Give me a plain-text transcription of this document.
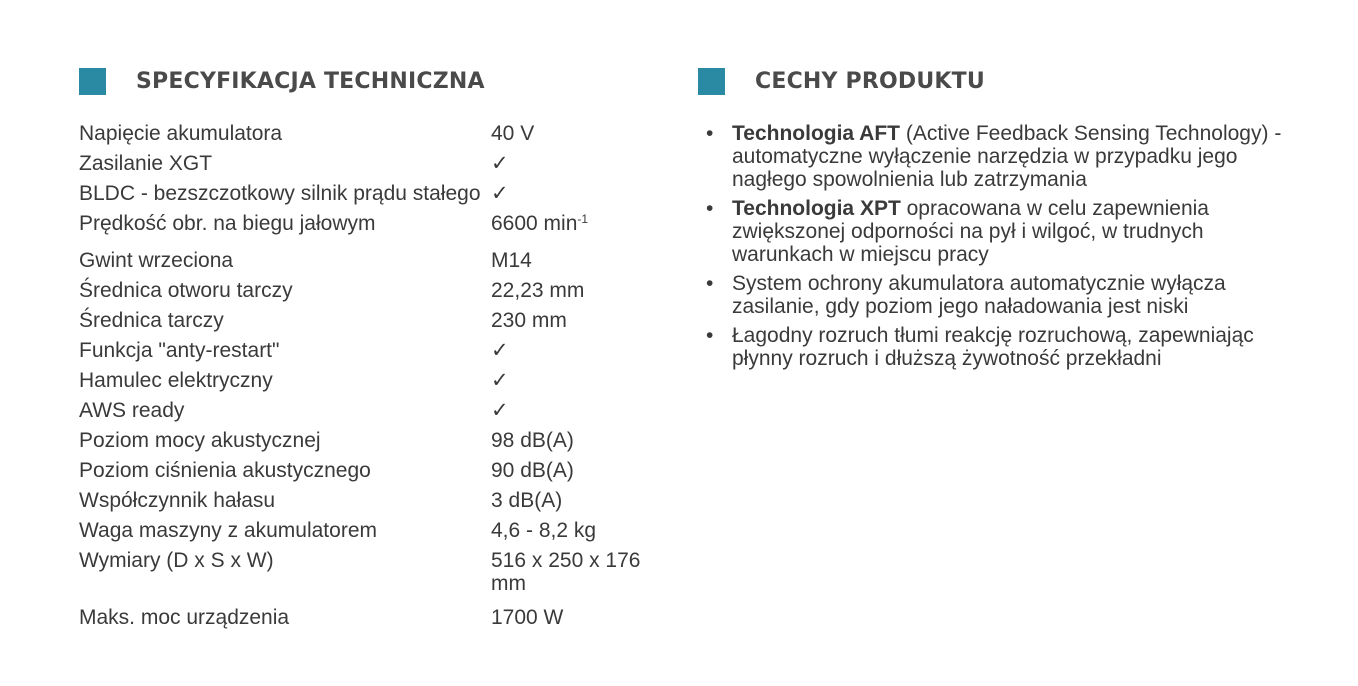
SPECYFIKACJA TECHNICZNA
Napięcie akumulatora	40 V
Zasilanie XGT	✓
BLDC - bezszczotkowy silnik prądu stałego ✓
Prędkość obr. na biegu jałowym	6600 $\min^{-1}$
Gwint wrzeciona	M14
Średnica otworu tarczy	22,23 mm
Średnica tarczy	230 mm
Funkcja "anty-restart"	✓
Hamulec elektryczny	✓
AWS ready	✓
Poziom mocy akustycznej	98 dB(A)
Poziom ciśnienia akustycznego	90 dB(A)
Współczynnik hałasu	3 dB(A)
Waga maszyny z akumulatorem	4,6 - 8,2 kg
Wymiary (D x S x W)	516 x 250 x 176 mm
Maks. moc urządzenia	1700 W
CECHY PRODUKTU
• Technologia AFT (Active Feedback Sensing Technology) - automatyczne wyłączenie narzędzia w przypadku jego nagłego spowolnienia lub zatrzymania
• Technologia XPT opracowana w celu zapewnienia zwiększonej odporności na pył i wilgoć, w trudnych warunkach w miejscu pracy
• System ochrony akumulatora automatycznie wyłącza zasilanie, gdy poziom jego naładowania jest niski
• Łagodny rozruch tłumi reakcję rozruchową, zapewniając płynny rozruch i dłuższą żywotność przekładni
